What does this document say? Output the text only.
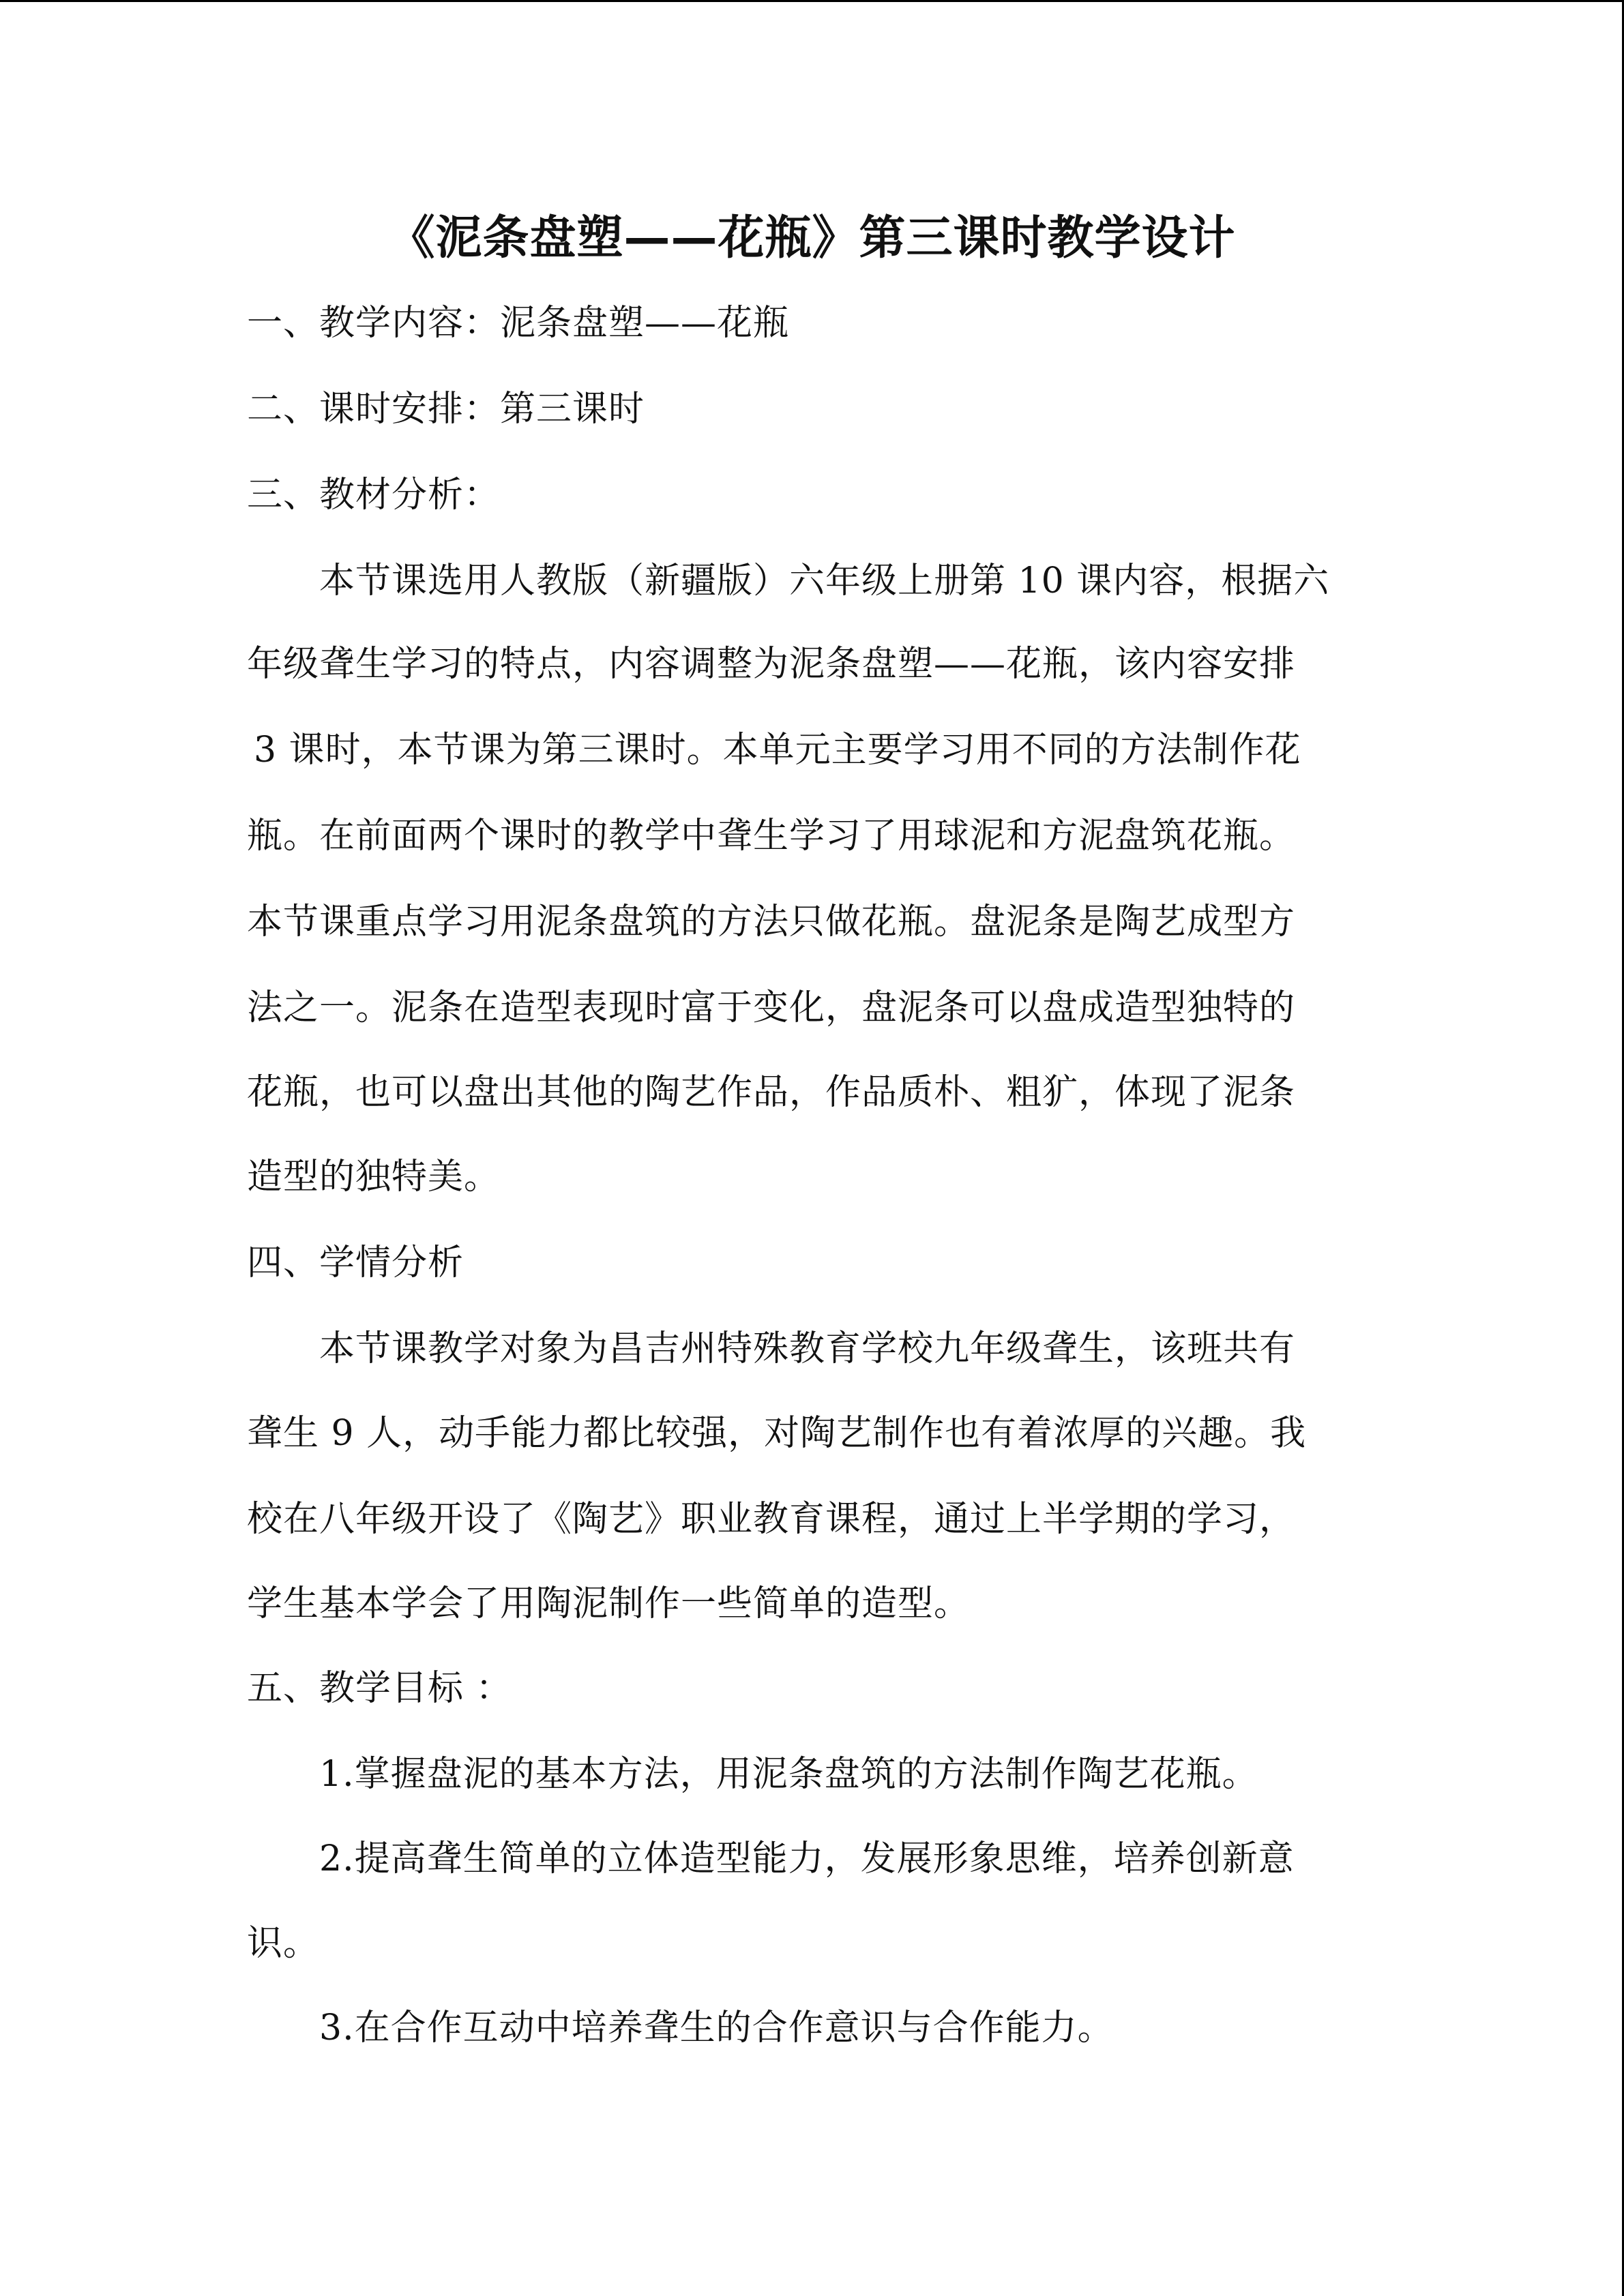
《泥条盘塑——花瓶》第三课时教学设计
一、教学内容：泥条盘塑——花瓶
二、课时安排：第三课时
三、教材分析：
本节课选用人教版（新疆版）六年级上册第 10 课内容，根据六
年级聋生学习的特点，内容调整为泥条盘塑——花瓶，该内容安排
3 课时，本节课为第三课时。本单元主要学习用不同的方法制作花
瓶。在前面两个课时的教学中聋生学习了用球泥和方泥盘筑花瓶。
本节课重点学习用泥条盘筑的方法只做花瓶。盘泥条是陶艺成型方
法之一。泥条在造型表现时富于变化，盘泥条可以盘成造型独特的
花瓶，也可以盘出其他的陶艺作品，作品质朴、粗犷，体现了泥条
造型的独特美。
四、学情分析
本节课教学对象为昌吉州特殊教育学校九年级聋生，该班共有
聋生 9 人，动手能力都比较强，对陶艺制作也有着浓厚的兴趣。我
校在八年级开设了《陶艺》职业教育课程，通过上半学期的学习，
学生基本学会了用陶泥制作一些简单的造型。
五、教学目标 ：
1.掌握盘泥的基本方法，用泥条盘筑的方法制作陶艺花瓶。
2.提高聋生简单的立体造型能力，发展形象思维，培养创新意
识。
3.在合作互动中培养聋生的合作意识与合作能力。
